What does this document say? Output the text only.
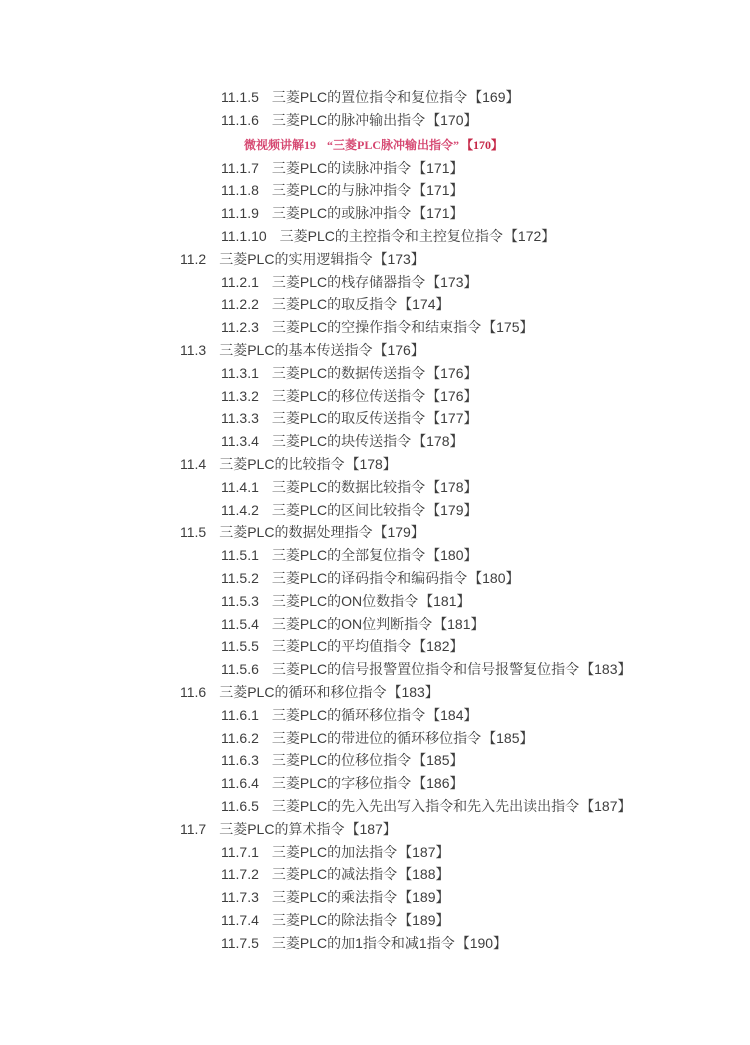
11.1.5 三菱PLC的置位指令和复位指令【169】
11.1.6 三菱PLC的脉冲输出指令【170】
微视频讲解19 “三菱PLC脉冲输出指令” 【170】
11.1.7 三菱PLC的读脉冲指令【171】
11.1.8 三菱PLC的与脉冲指令【171】
11.1.9 三菱PLC的或脉冲指令【171】
11.1.10 三菱PLC的主控指令和主控复位指令【172】
11.2 三菱PLC的实用逻辑指令【173】
11.2.1 三菱PLC的栈存储器指令【173】
11.2.2 三菱PLC的取反指令【174】
11.2.3 三菱PLC的空操作指令和结束指令【175】
11.3 三菱PLC的基本传送指令【176】
11.3.1 三菱PLC的数据传送指令【176】
11.3.2 三菱PLC的移位传送指令【176】
11.3.3 三菱PLC的取反传送指令【177】
11.3.4 三菱PLC的块传送指令【178】
11.4 三菱PLC的比较指令【178】
11.4.1 三菱PLC的数据比较指令【178】
11.4.2 三菱PLC的区间比较指令【179】
11.5 三菱PLC的数据处理指令【179】
11.5.1 三菱PLC的全部复位指令【180】
11.5.2 三菱PLC的译码指令和编码指令【180】
11.5.3 三菱PLC的ON位数指令【181】
11.5.4 三菱PLC的ON位判断指令【181】
11.5.5 三菱PLC的平均值指令【182】
11.5.6 三菱PLC的信号报警置位指令和信号报警复位指令【183】
11.6 三菱PLC的循环和移位指令【183】
11.6.1 三菱PLC的循环移位指令【184】
11.6.2 三菱PLC的带进位的循环移位指令【185】
11.6.3 三菱PLC的位移位指令【185】
11.6.4 三菱PLC的字移位指令【186】
11.6.5 三菱PLC的先入先出写入指令和先入先出读出指令【187】
11.7 三菱PLC的算术指令【187】
11.7.1 三菱PLC的加法指令【187】
11.7.2 三菱PLC的减法指令【188】
11.7.3 三菱PLC的乘法指令【189】
11.7.4 三菱PLC的除法指令【189】
11.7.5 三菱PLC的加1指令和减1指令【190】
